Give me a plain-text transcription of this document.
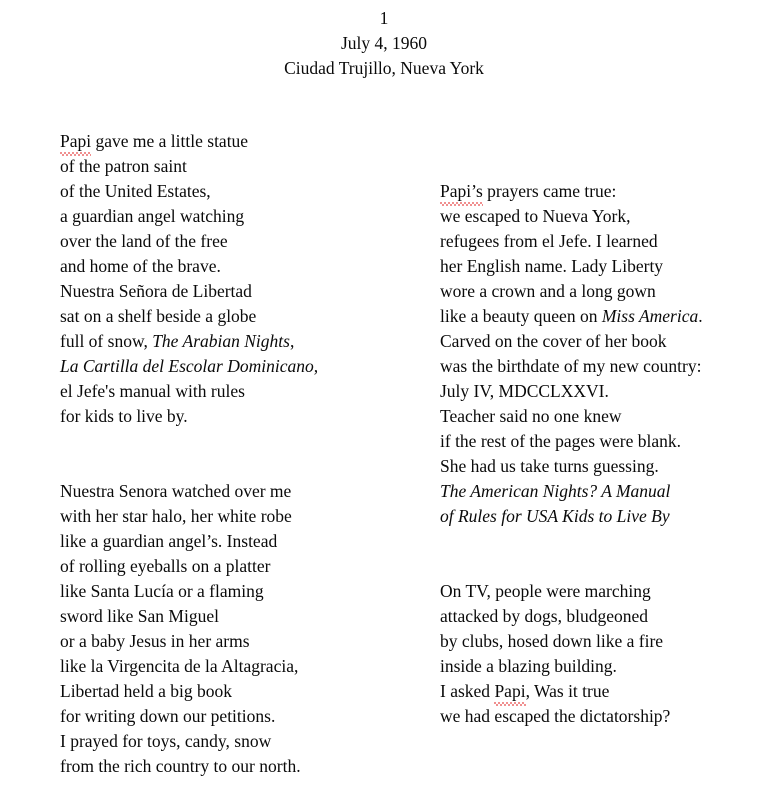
1
July 4, 1960
Ciudad Trujillo, Nueva York
Papi gave me a little statue
of the patron saint
of the United Estates,
a guardian angel watching
over the land of the free
and home of the brave.
Nuestra Señora de Libertad
sat on a shelf beside a globe
full of snow, The Arabian Nights,
La Cartilla del Escolar Dominicano,
el Jefe's manual with rules
for kids to live by.
Nuestra Senora watched over me
with her star halo, her white robe
like a guardian angel’s. Instead
of rolling eyeballs on a platter
like Santa Lucía or a flaming
sword like San Miguel
or a baby Jesus in her arms
like la Virgencita de la Altagracia,
Libertad held a big book
for writing down our petitions.
I prayed for toys, candy, snow
from the rich country to our north.
Papi’s prayers came true:
we escaped to Nueva York,
refugees from el Jefe. I learned
her English name. Lady Liberty
wore a crown and a long gown
like a beauty queen on Miss America.
Carved on the cover of her book
was the birthdate of my new country:
July IV, MDCCLXXVI.
Teacher said no one knew
if the rest of the pages were blank.
She had us take turns guessing.
The American Nights? A Manual
of Rules for USA Kids to Live By
On TV, people were marching
attacked by dogs, bludgeoned
by clubs, hosed down like a fire
inside a blazing building.
I asked Papi, Was it true
we had escaped the dictatorship?
